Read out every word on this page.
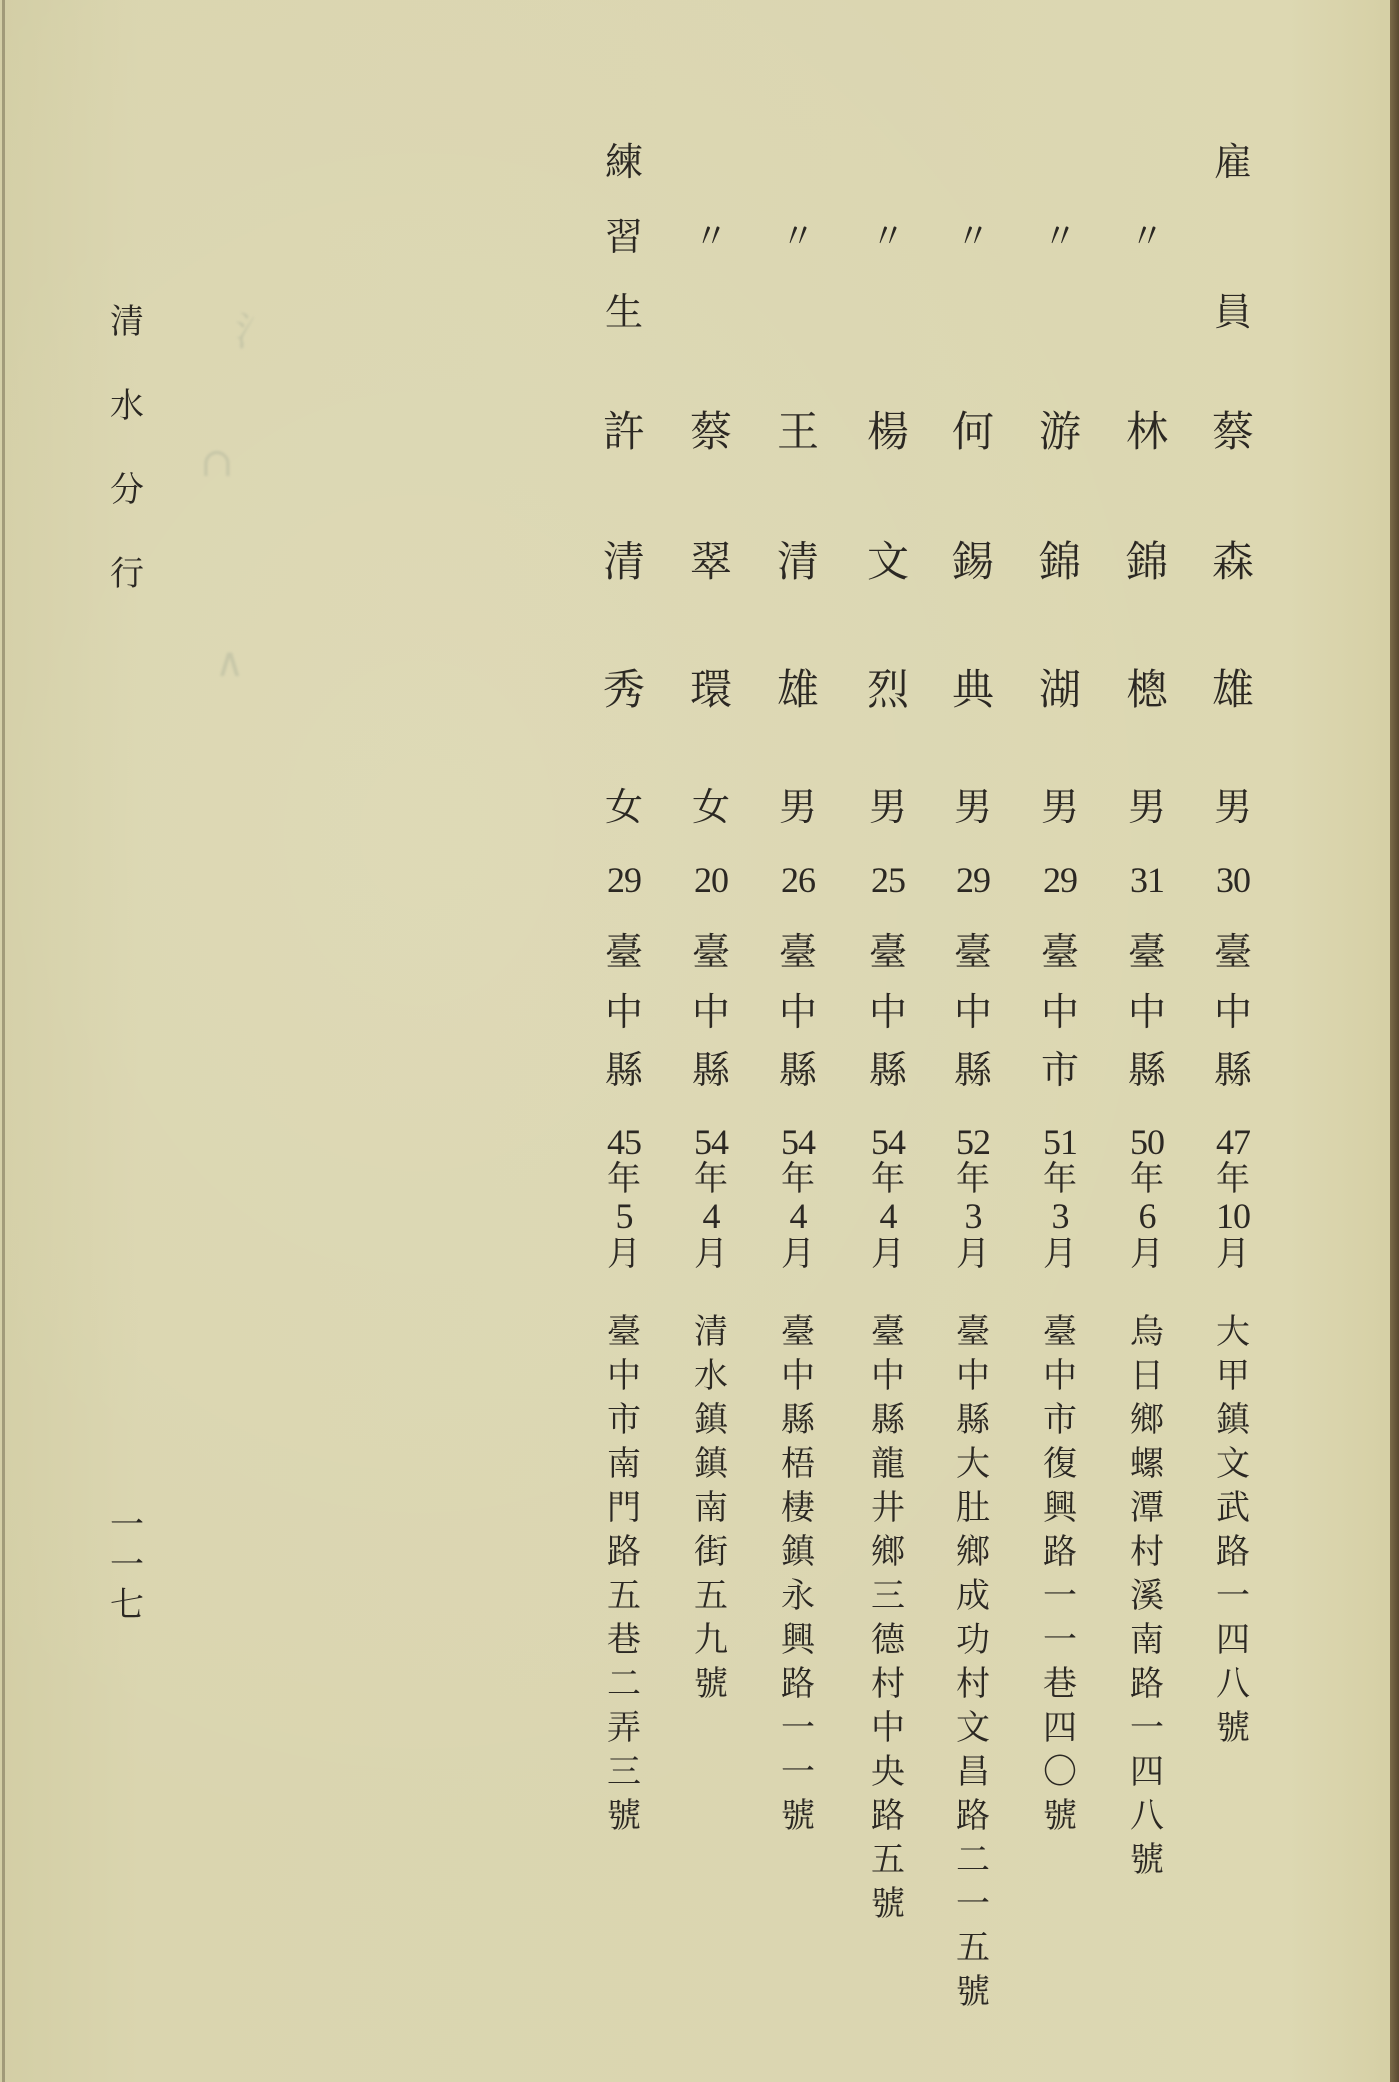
⺡
∩
∧
清
水
分
行
一
一
七
雇
員
蔡
森
雄
男
30
臺
中
縣
47
年
10
月
大
甲
鎮
文
武
路
一
四
八
號
〃
林
錦
樬
男
31
臺
中
縣
50
年
6
月
烏
日
鄉
螺
潭
村
溪
南
路
一
四
八
號
〃
游
錦
湖
男
29
臺
中
市
51
年
3
月
臺
中
市
復
興
路
一
一
巷
四
〇
號
〃
何
錫
典
男
29
臺
中
縣
52
年
3
月
臺
中
縣
大
肚
鄉
成
功
村
文
昌
路
二
一
五
號
〃
楊
文
烈
男
25
臺
中
縣
54
年
4
月
臺
中
縣
龍
井
鄉
三
德
村
中
央
路
五
號
〃
王
清
雄
男
26
臺
中
縣
54
年
4
月
臺
中
縣
梧
棲
鎮
永
興
路
一
一
號
〃
蔡
翠
環
女
20
臺
中
縣
54
年
4
月
清
水
鎮
鎮
南
街
五
九
號
練
習
生
許
清
秀
女
29
臺
中
縣
45
年
5
月
臺
中
市
南
門
路
五
巷
二
弄
三
號
